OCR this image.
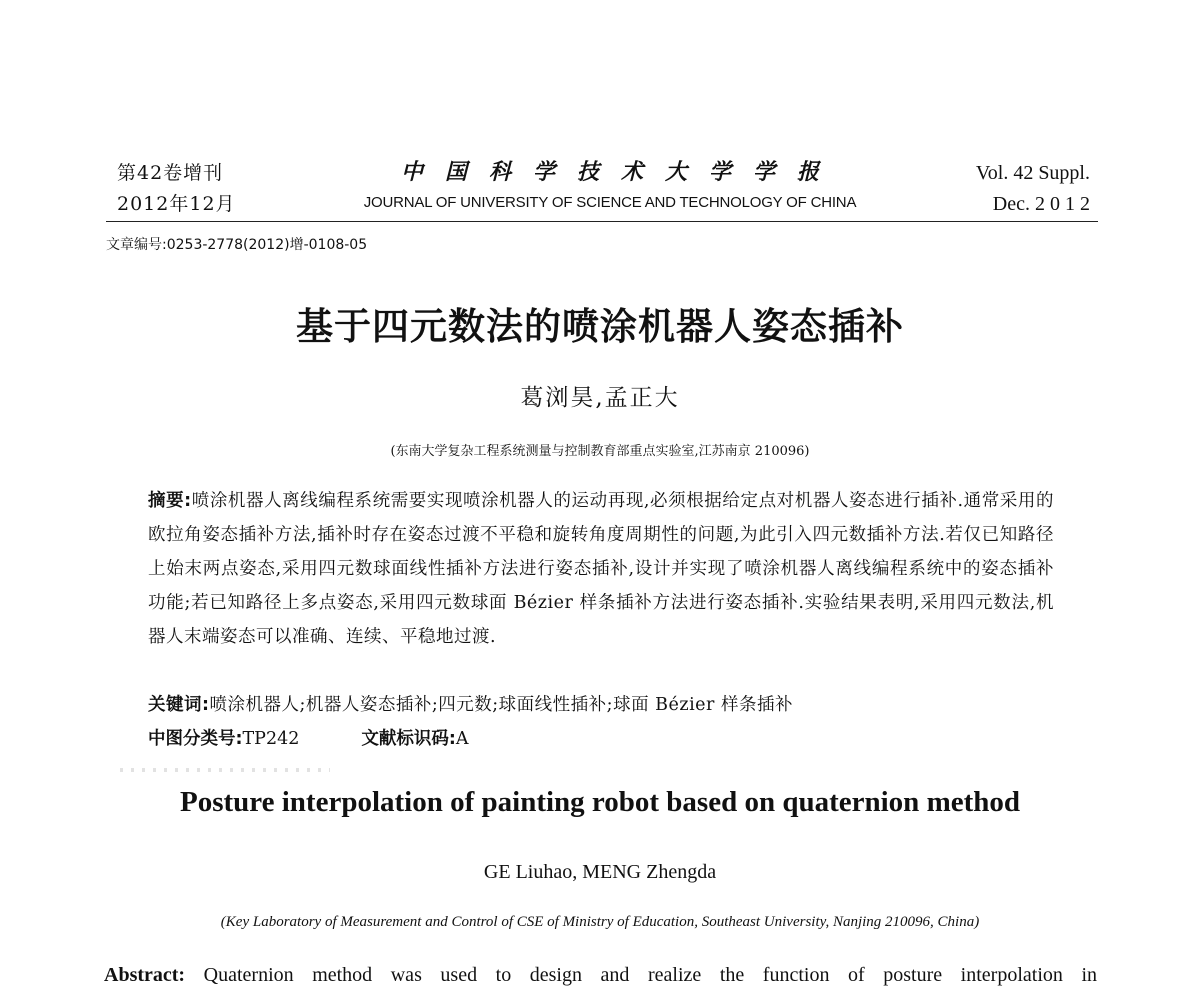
第42卷增刊
2012年12月
中国科学技术大学学报
JOURNAL OF UNIVERSITY OF SCIENCE AND TECHNOLOGY OF CHINA
Vol. 42 Suppl.
Dec. 2 0 1 2
文章编号:0253-2778(2012)增-0108-05
基于四元数法的喷涂机器人姿态插补
葛浏昊,孟正大
(东南大学复杂工程系统测量与控制教育部重点实验室,江苏南京 210096)
摘要:喷涂机器人离线编程系统需要实现喷涂机器人的运动再现,必须根据给定点对机器人姿态进行插补.通常采用的欧拉角姿态插补方法,插补时存在姿态过渡不平稳和旋转角度周期性的问题,为此引入四元数插补方法.若仅已知路径上始末两点姿态,采用四元数球面线性插补方法进行姿态插补,设计并实现了喷涂机器人离线编程系统中的姿态插补功能;若已知路径上多点姿态,采用四元数球面 Bézier 样条插补方法进行姿态插补.实验结果表明,采用四元数法,机器人末端姿态可以准确、连续、平稳地过渡.
关键词:喷涂机器人;机器人姿态插补;四元数;球面线性插补;球面 Bézier 样条插补
中图分类号:TP242	文献标识码:A
Posture interpolation of painting robot based on quaternion method
GE Liuhao, MENG Zhengda
(Key Laboratory of Measurement and Control of CSE of Ministry of Education, Southeast University, Nanjing 210096, China)
Abstract: Quaternion method was used to design and realize the function of posture interpolation in
